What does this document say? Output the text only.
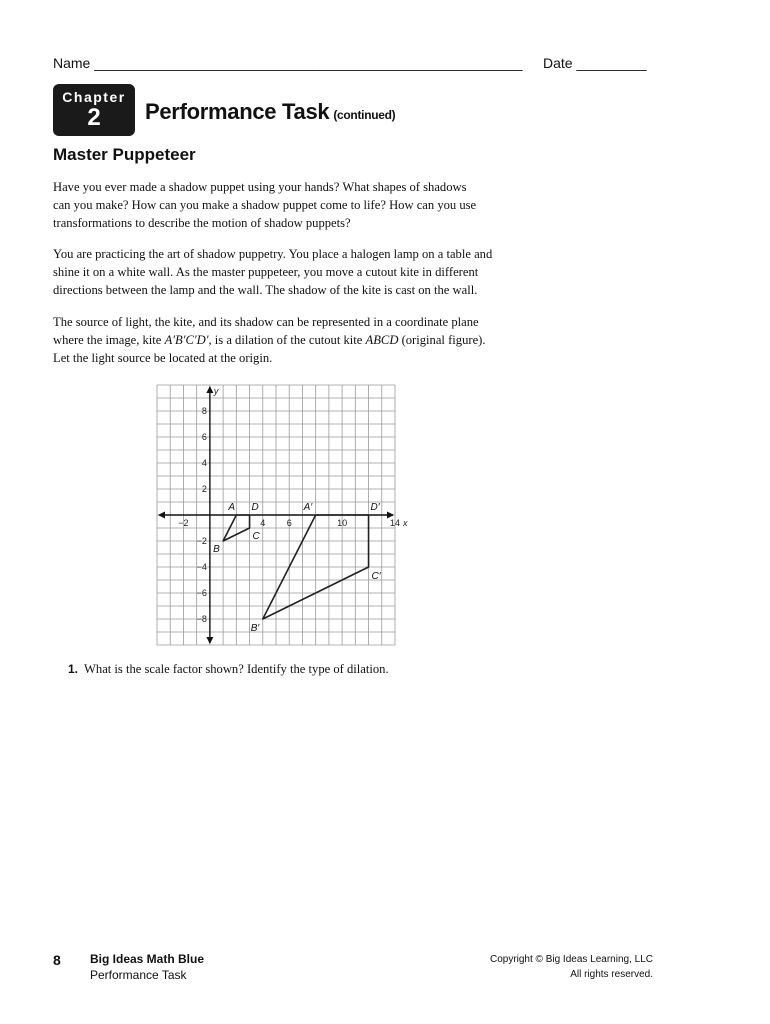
Name _______________________________________________________ Date _________
Chapter
2	Performance Task (continued)
Master Puppeteer
Have you ever made a shadow puppet using your hands? What shapes of shadows
can you make? How can you make a shadow puppet come to life? How can you use
transformations to describe the motion of shadow puppets?
You are practicing the art of shadow puppetry. You place a halogen lamp on a table and
shine it on a white wall. As the master puppeteer, you move a cutout kite in different
directions between the lamp and the wall. The shadow of the kite is cast on the wall.
The source of light, the kite, and its shadow can be represented in a coordinate plane
where the image, kite A′B′C′D′, is a dilation of the cutout kite ABCD (original figure).
Let the light source be located at the origin.
−2	4 6	10	14
8
6
4
2
−2
−4
−6
−8
x
y
A
B
C
D	A′
B′
C′
D′
1. What is the scale factor shown? Identify the type of dilation.
8 Big Ideas Math Blue
Performance Task
Copyright © Big Ideas Learning, LLC
All rights reserved.
